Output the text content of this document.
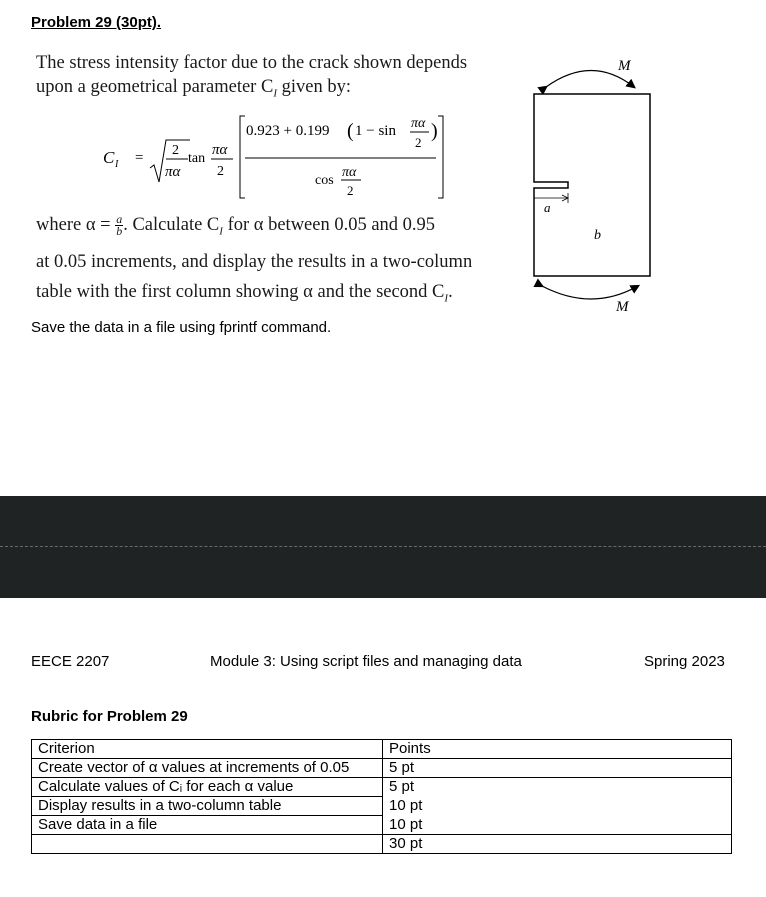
Problem 29 (30pt).
The stress intensity factor due to the crack shown depends
upon a geometrical parameter $C_I$ given by:
C I = 2
πα
tan
πα
2
0.923 + 0.199 ( 1 − sin πα
2
)
cos
πα
2
where $\alpha = \frac{a}{b}$ . Calculate $C_I$ for α between 0.05 and 0.95
at 0.05 increments, and display the results in a two-column
table with the first column showing α and the second $C_I$.
Save the data in a file using fprintf command.
M
a
b
M
EECE 2207	Module 3: Using script files and managing data	Spring 2023
Rubric for Problem 29
Criterion	Points
Create vector of α values at increments of 0.05	5 pt
Calculate values of Cᵢ for each α value	5 pt
Display results in a two-column table	10 pt
Save data in a file	10 pt
	30 pt
